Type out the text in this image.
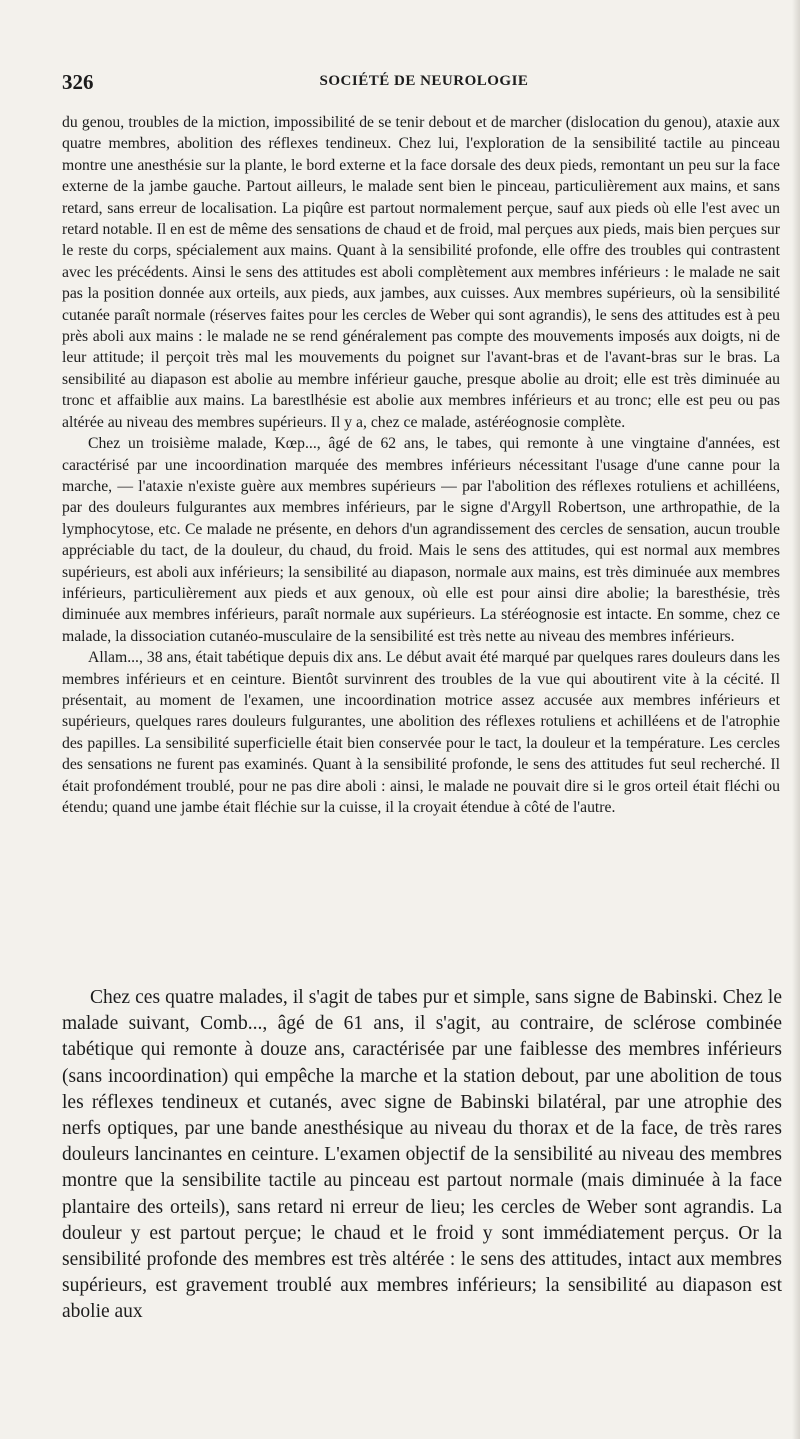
326	SOCIÉTÉ DE NEUROLOGIE

du genou, troubles de la miction, impossibilité de se tenir debout et de marcher (dislocation du genou), ataxie aux quatre membres, abolition des réflexes tendineux. Chez lui, l'exploration de la sensibilité tactile au pinceau montre une anesthésie sur la plante, le bord externe et la face dorsale des deux pieds, remontant un peu sur la face externe de la jambe gauche. Partout ailleurs, le malade sent bien le pinceau, particulièrement aux mains, et sans retard, sans erreur de localisation. La piqûre est partout normalement perçue, sauf aux pieds où elle l'est avec un retard notable. Il en est de même des sensations de chaud et de froid, mal perçues aux pieds, mais bien perçues sur le reste du corps, spécialement aux mains. Quant à la sensibilité profonde, elle offre des troubles qui contrastent avec les précédents. Ainsi le sens des attitudes est aboli complètement aux membres inférieurs : le malade ne sait pas la position donnée aux orteils, aux pieds, aux jambes, aux cuisses. Aux membres supérieurs, où la sensibilité cutanée paraît normale (réserves faites pour les cercles de Weber qui sont agrandis), le sens des attitudes est à peu près aboli aux mains : le malade ne se rend généralement pas compte des mouvements imposés aux doigts, ni de leur attitude; il perçoit très mal les mouvements du poignet sur l'avant-bras et de l'avant-bras sur le bras. La sensibilité au diapason est abolie au membre inférieur gauche, presque abolie au droit; elle est très diminuée au tronc et affaiblie aux mains. La barestlhésie est abolie aux membres inférieurs et au tronc; elle est peu ou pas altérée au niveau des membres supérieurs. Il y a, chez ce malade, astéréognosie complète.

Chez un troisième malade, Kœp..., âgé de 62 ans, le tabes, qui remonte à une vingtaine d'années, est caractérisé par une incoordination marquée des membres inférieurs nécessitant l'usage d'une canne pour la marche, — l'ataxie n'existe guère aux membres supérieurs — par l'abolition des réflexes rotuliens et achilléens, par des douleurs fulgurantes aux membres inférieurs, par le signe d'Argyll Robertson, une arthropathie, de la lymphocytose, etc. Ce malade ne présente, en dehors d'un agrandissement des cercles de sensation, aucun trouble appréciable du tact, de la douleur, du chaud, du froid. Mais le sens des attitudes, qui est normal aux membres supérieurs, est aboli aux inférieurs; la sensibilité au diapason, normale aux mains, est très diminuée aux membres inférieurs, particulièrement aux pieds et aux genoux, où elle est pour ainsi dire abolie; la baresthésie, très diminuée aux membres inférieurs, paraît normale aux supérieurs. La stéréognosie est intacte. En somme, chez ce malade, la dissociation cutanéo-musculaire de la sensibilité est très nette au niveau des membres inférieurs.

Allam..., 38 ans, était tabétique depuis dix ans. Le début avait été marqué par quelques rares douleurs dans les membres inférieurs et en ceinture. Bientôt survinrent des troubles de la vue qui aboutirent vite à la cécité. Il présentait, au moment de l'examen, une incoordination motrice assez accusée aux membres inférieurs et supérieurs, quelques rares douleurs fulgurantes, une abolition des réflexes rotuliens et achilléens et de l'atrophie des papilles. La sensibilité superficielle était bien conservée pour le tact, la douleur et la température. Les cercles des sensations ne furent pas examinés. Quant à la sensibilité profonde, le sens des attitudes fut seul recherché. Il était profondément troublé, pour ne pas dire aboli : ainsi, le malade ne pouvait dire si le gros orteil était fléchi ou étendu; quand une jambe était fléchie sur la cuisse, il la croyait étendue à côté de l'autre.

Chez ces quatre malades, il s'agit de tabes pur et simple, sans signe de Babinski. Chez le malade suivant, Comb..., âgé de 61 ans, il s'agit, au contraire, de sclérose combinée tabétique qui remonte à douze ans, caractérisée par une faiblesse des membres inférieurs (sans incoordination) qui empêche la marche et la station debout, par une abolition de tous les réflexes tendineux et cutanés, avec signe de Babinski bilatéral, par une atrophie des nerfs optiques, par une bande anesthésique au niveau du thorax et de la face, de très rares douleurs lancinantes en ceinture. L'examen objectif de la sensibilité au niveau des membres montre que la sensibilite tactile au pinceau est partout normale (mais diminuée à la face plantaire des orteils), sans retard ni erreur de lieu; les cercles de Weber sont agrandis. La douleur y est partout perçue; le chaud et le froid y sont immédiatement perçus. Or la sensibilité profonde des membres est très altérée : le sens des attitudes, intact aux membres supérieurs, est gravement troublé aux membres inférieurs; la sensibilité au diapason est abolie aux
